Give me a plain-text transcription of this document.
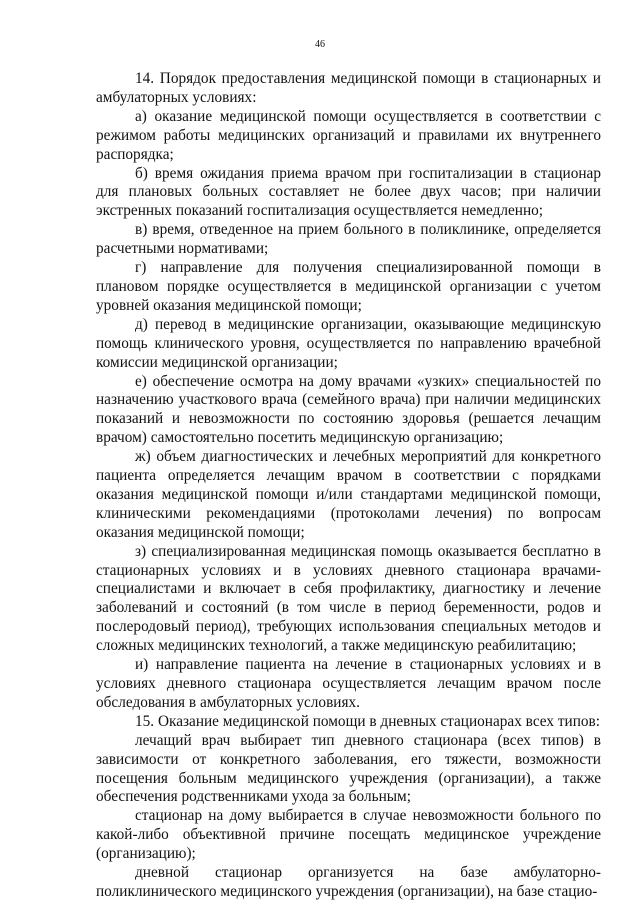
46

14. Порядок предоставления медицинской помощи в стационарных и амбулаторных условиях:

а) оказание медицинской помощи осуществляется в соответствии с режимом работы медицинских организаций и правилами их внутреннего распорядка;

б) время ожидания приема врачом при госпитализации в стационар для плановых больных составляет не более двух часов; при наличии экстренных показаний госпитализация осуществляется немедленно;

в) время, отведенное на прием больного в поликлинике, определяется расчетными нормативами;

г) направление для получения специализированной помощи в плановом порядке осуществляется в медицинской организации с учетом уровней оказания медицинской помощи;

д) перевод в медицинские организации, оказывающие медицинскую помощь клинического уровня, осуществляется по направлению врачебной комиссии медицинской организации;

е) обеспечение осмотра на дому врачами «узких» специальностей по назначению участкового врача (семейного врача) при наличии медицинских показаний и невозможности по состоянию здоровья (решается лечащим врачом) самостоятельно посетить медицинскую организацию;

ж) объем диагностических и лечебных мероприятий для конкретного пациента определяется лечащим врачом в соответствии с порядками оказания медицинской помощи и/или стандартами медицинской помощи, клиническими рекомендациями (протоколами лечения) по вопросам оказания медицинской помощи;

з) специализированная медицинская помощь оказывается бесплатно в стационарных условиях и в условиях дневного стационара врачами-специалистами и включает в себя профилактику, диагностику и лечение заболеваний и состояний (в том числе в период беременности, родов и послеродовый период), требующих использования специальных методов и сложных медицинских технологий, а также медицинскую реабилитацию;

и) направление пациента на лечение в стационарных условиях и в условиях дневного стационара осуществляется лечащим врачом после обследования в амбулаторных условиях.

15. Оказание медицинской помощи в дневных стационарах всех типов:

лечащий врач выбирает тип дневного стационара (всех типов) в зависимости от конкретного заболевания, его тяжести, возможности посещения больным медицинского учреждения (организации), а также обеспечения родственниками ухода за больным;

стационар на дому выбирается в случае невозможности больного по какой-либо объективной причине посещать медицинское учреждение (организацию);

дневной стационар организуется на базе амбулаторно-поликлинического медицинского учреждения (организации), на базе стацио-
